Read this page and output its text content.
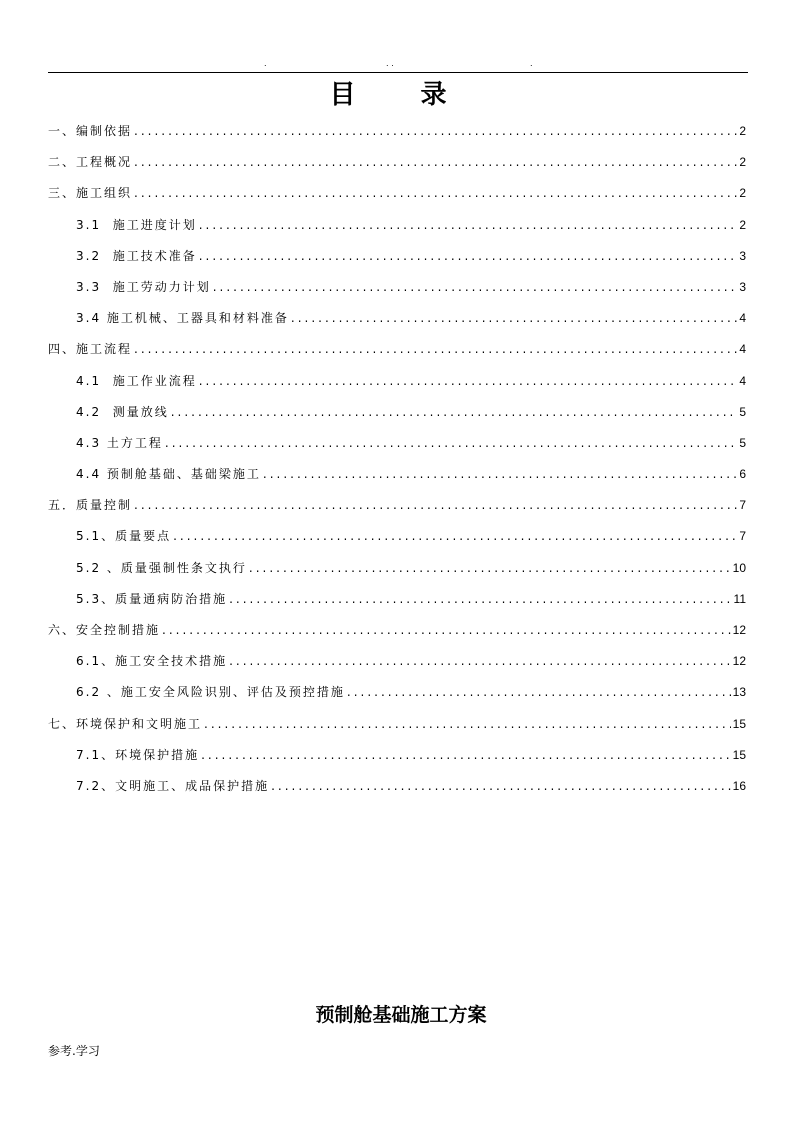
.	. .	.
目 录
一、编制依据 .....	2
二、工程概况 .....	2
三、施工组织 .....	2
3.1  施工进度计划 .....	2
3.2  施工技术准备 .....	3
3.3  施工劳动力计划 .....	3
3.4 施工机械、工器具和材料准备 .....	4
四、施工流程 .....	4
4.1  施工作业流程 .....	4
4.2  测量放线 .....	5
4.3 土方工程 .....	5
4.4 预制舱基础、基础梁施工 .....	6
五．质量控制 .....	7
5.1、质量要点 .....	7
5.2 、质量强制性条文执行 .....	10
5.3、质量通病防治措施 .....	11
六、安全控制措施 .....	12
6.1、施工安全技术措施 .....	12
6.2 、施工安全风险识别、评估及预控措施 .....	13
七、环境保护和文明施工 .....	15
7.1、环境保护措施 .....	15
7.2、文明施工、成品保护措施 .....	16
预制舱基础施工方案
参考.学习
